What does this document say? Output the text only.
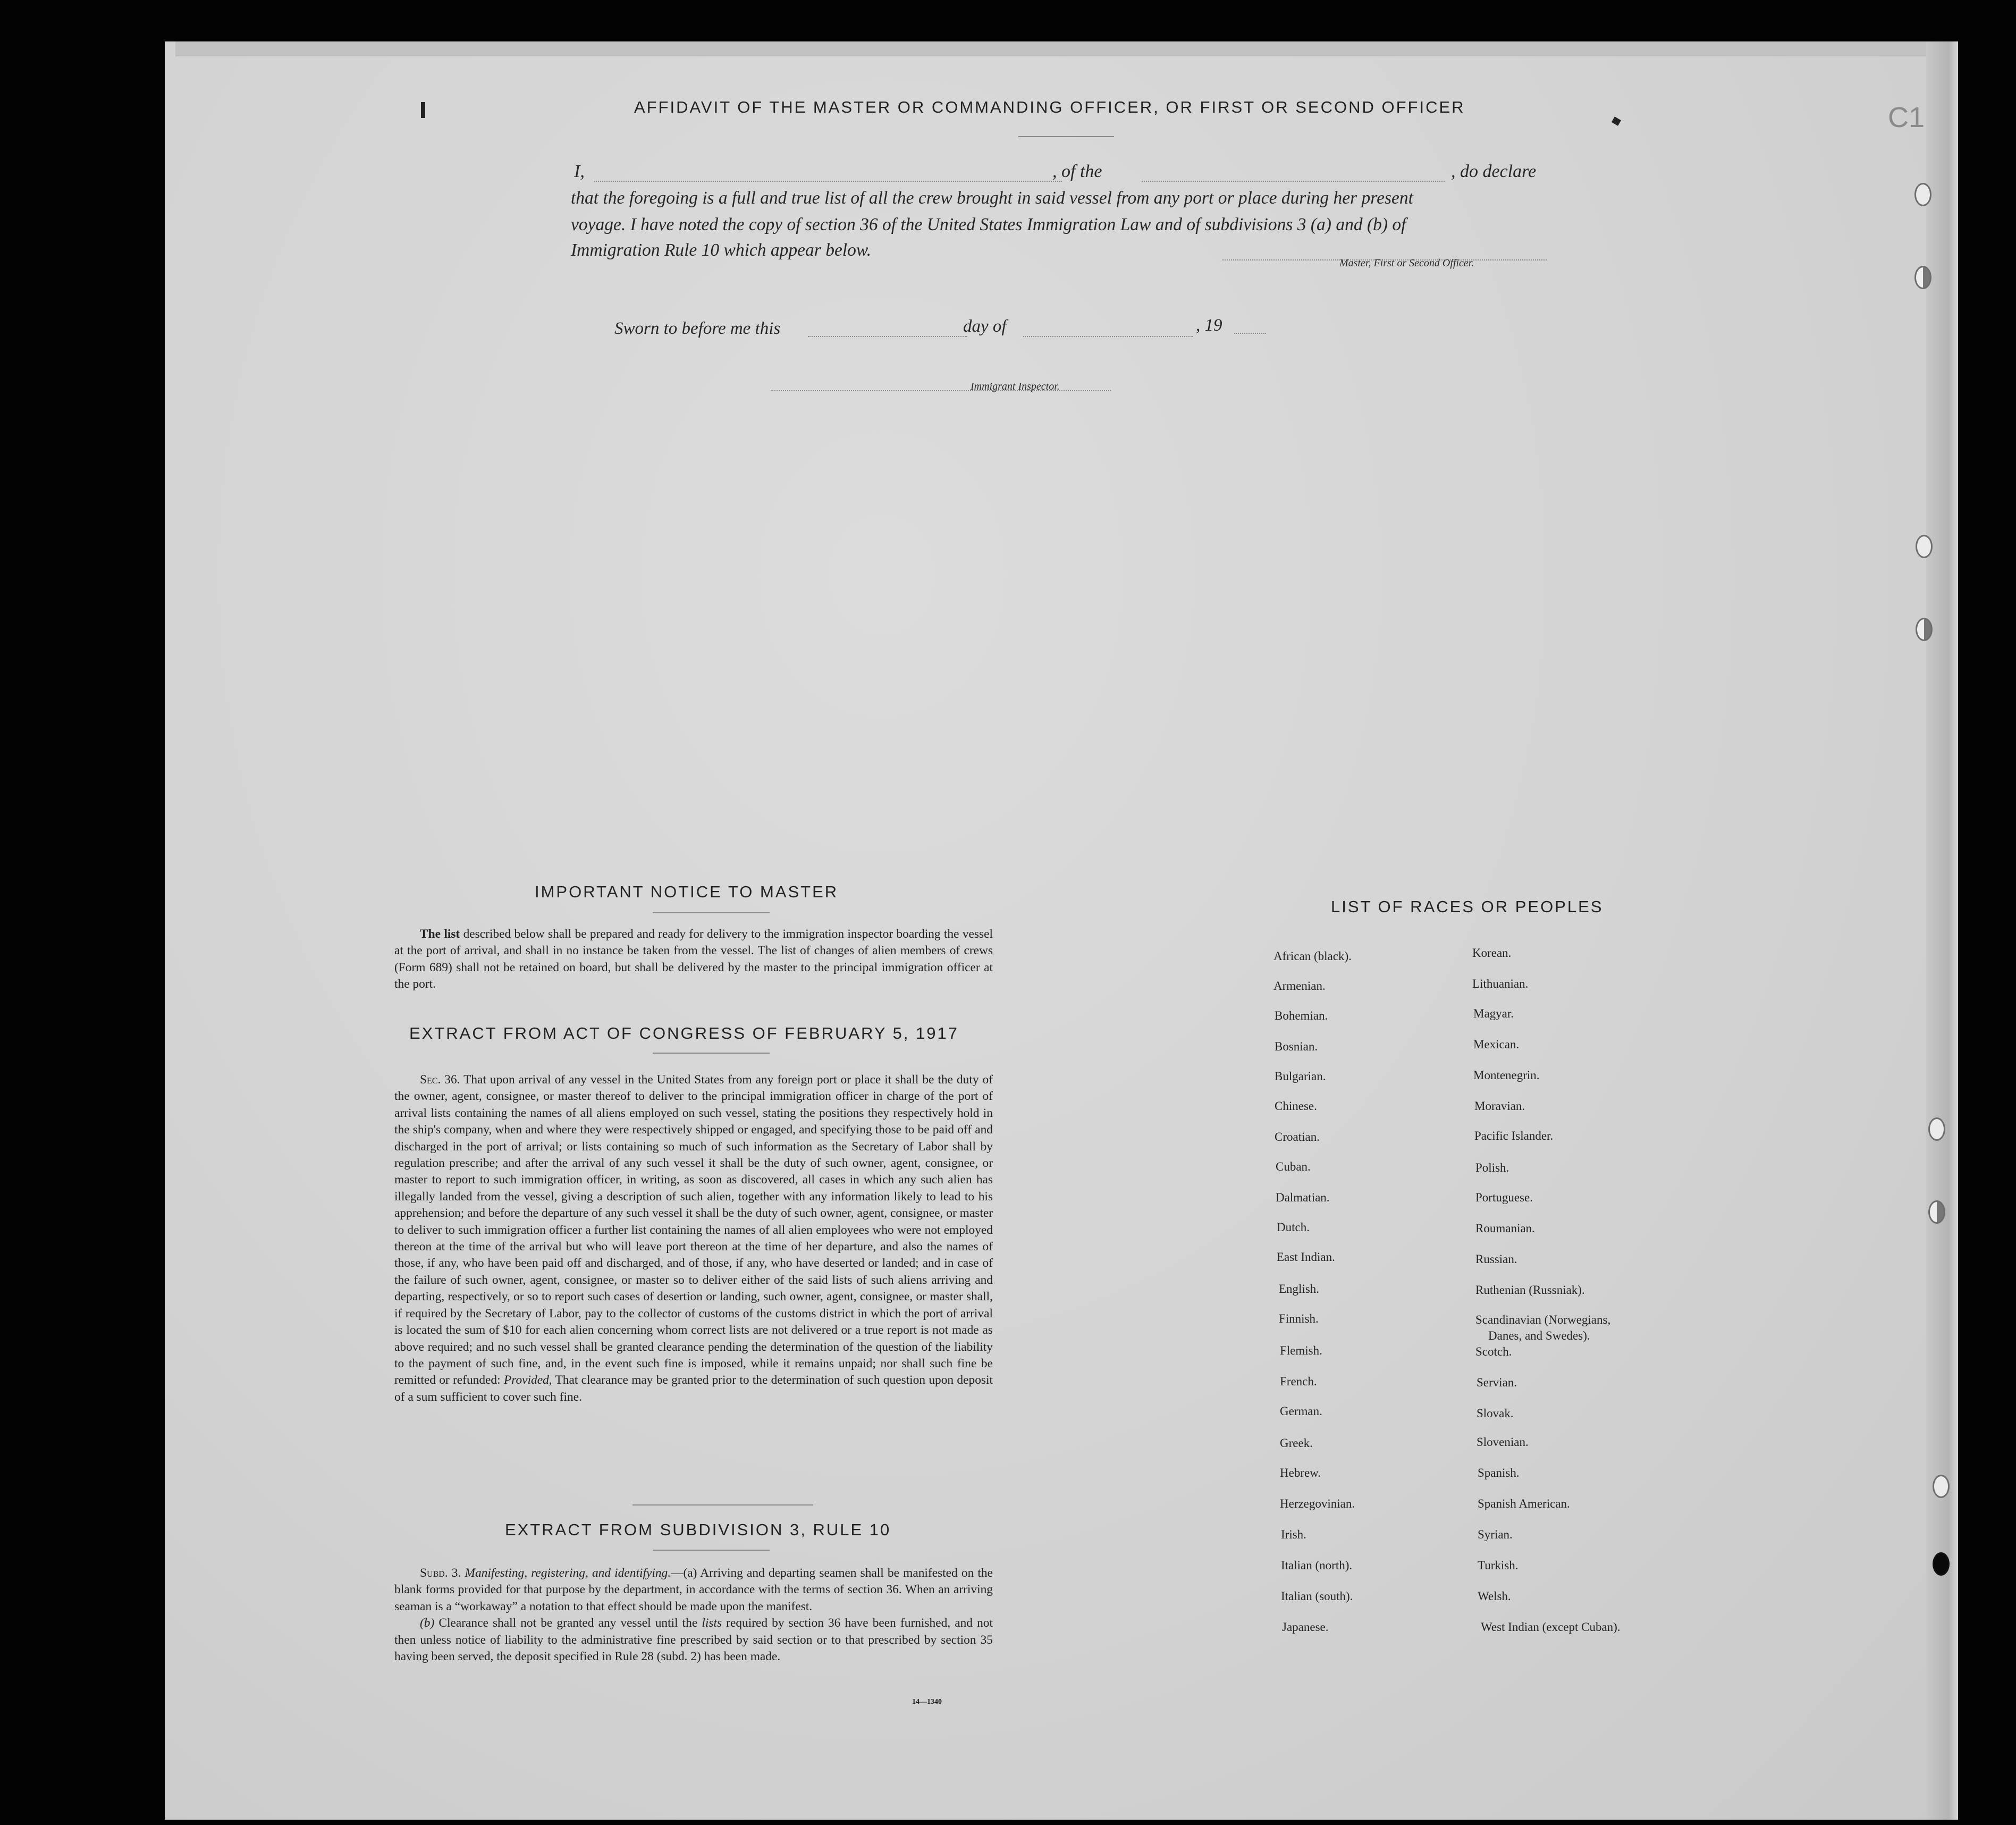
AFFIDAVIT OF THE MASTER OR COMMANDING OFFICER, OR FIRST OR SECOND OFFICER
I,	, of the	, do declare
that the foregoing is a full and true list of all the crew brought in said vessel from any port or place during her present
voyage. I have noted the copy of section 36 of the United States Immigration Law and of subdivisions 3 (a) and (b) of
Immigration Rule 10 which appear below.
Master, First or Second Officer.
Sworn to before me this	day of	, 19
Immigrant Inspector.
IMPORTANT NOTICE TO MASTER

The list described below shall be prepared and ready for delivery to the immigration inspector boarding the vessel at the port of arrival, and shall in no instance be taken from the vessel. The list of changes of alien members of crews (Form 689) shall not be retained on board, but shall be delivered by the master to the principal immigration officer at the port.

EXTRACT FROM ACT OF CONGRESS OF FEBRUARY 5, 1917

Sec. 36. That upon arrival of any vessel in the United States from any foreign port or place it shall be the duty of the owner, agent, consignee, or master thereof to deliver to the principal immigration officer in charge of the port of arrival lists containing the names of all aliens employed on such vessel, stating the positions they respectively hold in the ship's company, when and where they were respectively shipped or engaged, and specifying those to be paid off and discharged in the port of arrival; or lists containing so much of such information as the Secretary of Labor shall by regulation prescribe; and after the arrival of any such vessel it shall be the duty of such owner, agent, consignee, or master to report to such immigration officer, in writing, as soon as discovered, all cases in which any such alien has illegally landed from the vessel, giving a description of such alien, together with any information likely to lead to his apprehension; and before the departure of any such vessel it shall be the duty of such owner, agent, consignee, or master to deliver to such immigration officer a further list containing the names of all alien employees who were not employed thereon at the time of the arrival but who will leave port thereon at the time of her departure, and also the names of those, if any, who have been paid off and discharged, and of those, if any, who have deserted or landed; and in case of the failure of such owner, agent, consignee, or master so to deliver either of the said lists of such aliens arriving and departing, respectively, or so to report such cases of desertion or landing, such owner, agent, consignee, or master shall, if required by the Secretary of Labor, pay to the collector of customs of the customs district in which the port of arrival is located the sum of $10 for each alien concerning whom correct lists are not delivered or a true report is not made as above required; and no such vessel shall be granted clearance pending the determination of the question of the liability to the payment of such fine, and, in the event such fine is imposed, while it remains unpaid; nor shall such fine be remitted or refunded: Provided, That clearance may be granted prior to the determination of such question upon deposit of a sum sufficient to cover such fine.

EXTRACT FROM SUBDIVISION 3, RULE 10

Subd. 3. Manifesting, registering, and identifying.—(a) Arriving and departing seamen shall be manifested on the blank forms provided for that purpose by the department, in accordance with the terms of section 36. When an arriving seaman is a “workaway” a notation to that effect should be made upon the manifest.

(b) Clearance shall not be granted any vessel until the lists required by section 36 have been furnished, and not then unless notice of liability to the administrative fine prescribed by said section or to that prescribed by section 35 having been served, the deposit specified in Rule 28 (subd. 2) has been made.

14—1340
LIST OF RACES OR PEOPLES
African (black).
Armenian.
Bohemian.
Bosnian.
Bulgarian.
Chinese.
Croatian.
Cuban.
Dalmatian.
Dutch.
East Indian.
English.
Finnish.
Flemish.
French.
German.
Greek.
Hebrew.
Herzegovinian.
Irish.
Italian (north).
Italian (south).
Japanese.
Korean.
Lithuanian.
Magyar.
Mexican.
Montenegrin.
Moravian.
Pacific Islander.
Polish.
Portuguese.
Roumanian.
Russian.
Ruthenian (Russniak).
Scandinavian (Norwegians,
Danes, and Swedes).
Scotch.
Servian.
Slovak.
Slovenian.
Spanish.
Spanish American.
Syrian.
Turkish.
Welsh.
West Indian (except Cuban).
C1
